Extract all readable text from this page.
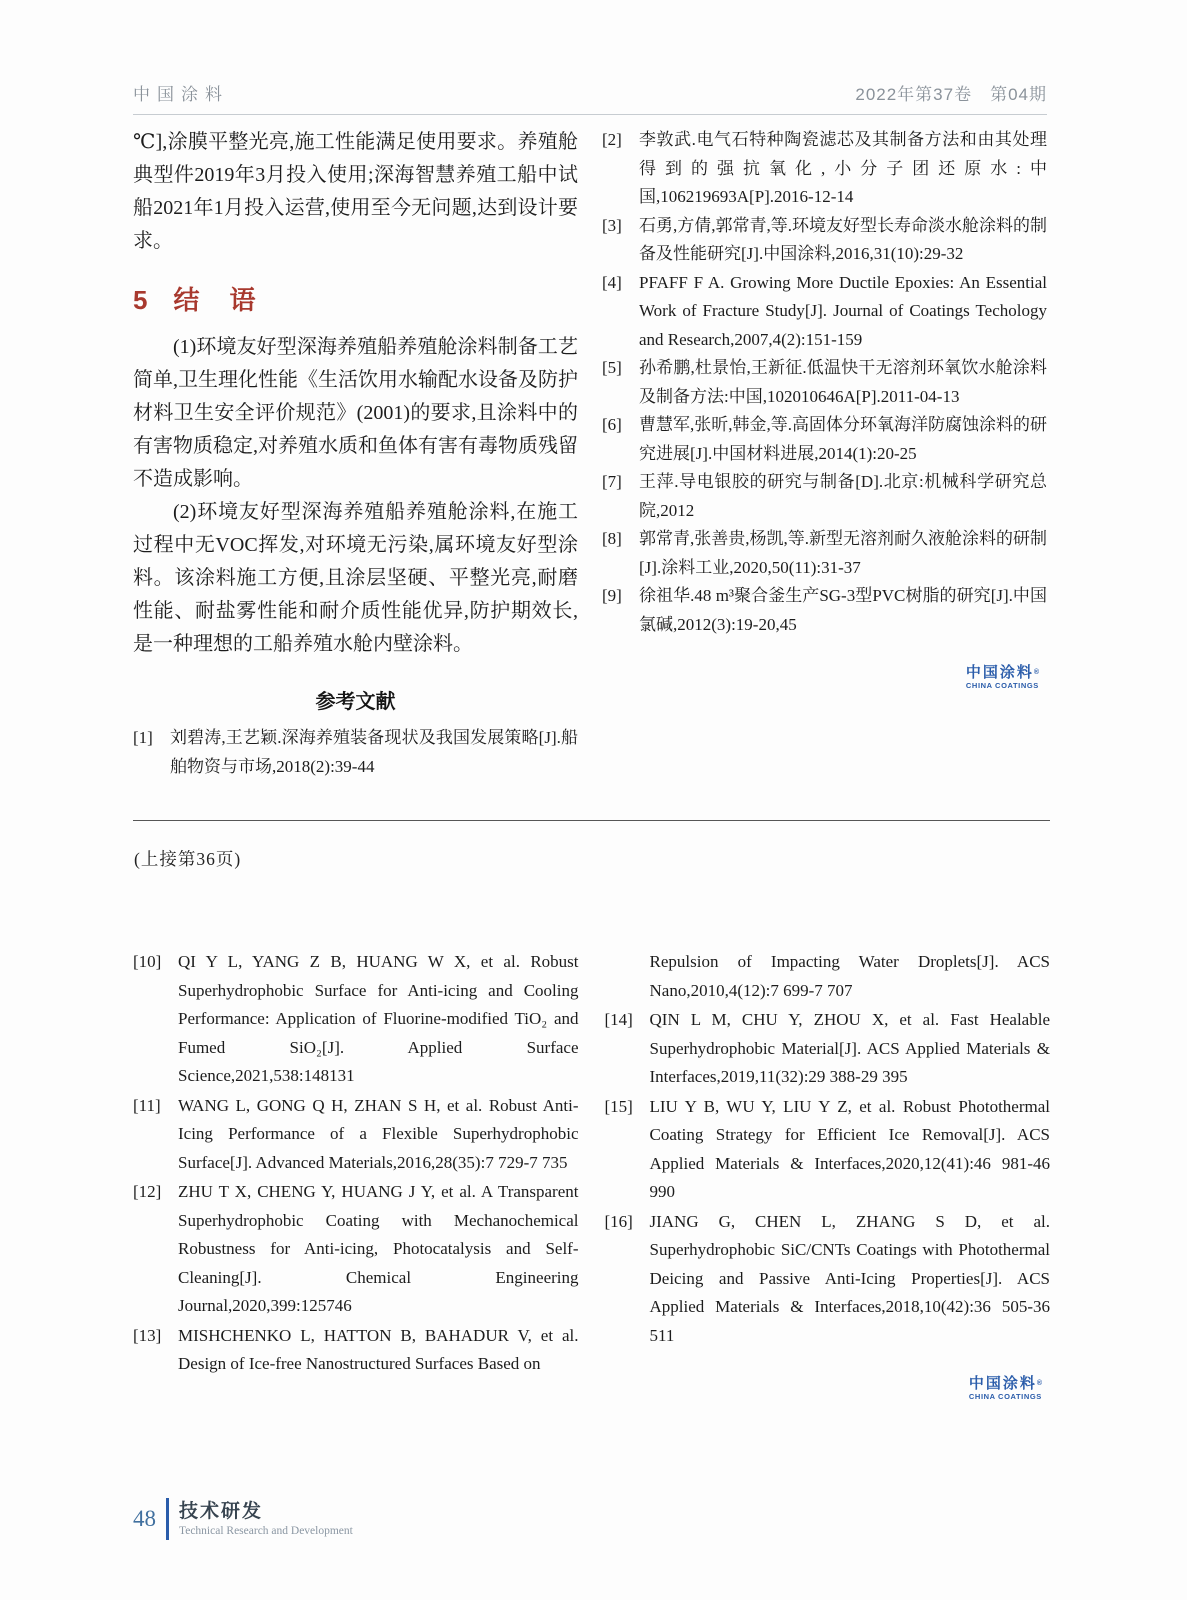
中国涂料	2022年第37卷　第04期

℃],涂膜平整光亮,施工性能满足使用要求。养殖舱典型件2019年3月投入使用;深海智慧养殖工船中试船2021年1月投入运营,使用至今无问题,达到设计要求。

5 结　语

(1)环境友好型深海养殖船养殖舱涂料制备工艺简单,卫生理化性能《生活饮用水输配水设备及防护材料卫生安全评价规范》(2001)的要求,且涂料中的有害物质稳定,对养殖水质和鱼体有害有毒物质残留不造成影响。

(2)环境友好型深海养殖船养殖舱涂料,在施工过程中无VOC挥发,对环境无污染,属环境友好型涂料。该涂料施工方便,且涂层坚硬、平整光亮,耐磨性能、耐盐雾性能和耐介质性能优异,防护期效长,是一种理想的工船养殖水舱内壁涂料。

参考文献
[1] 刘碧涛,王艺颖.深海养殖装备现状及我国发展策略[J].船舶物资与市场,2018(2):39-44
[2] 李敦武.电气石特种陶瓷滤芯及其制备方法和由其处理得到的强抗氧化,小分子团还原水:中国,106219693A[P].2016-12-14
[3] 石勇,方倩,郭常青,等.环境友好型长寿命淡水舱涂料的制备及性能研究[J].中国涂料,2016,31(10):29-32
[4] PFAFF F A. Growing More Ductile Epoxies: An Essential Work of Fracture Study[J]. Journal of Coatings Techology and Research,2007,4(2):151-159
[5] 孙希鹏,杜景怡,王新征.低温快干无溶剂环氧饮水舱涂料及制备方法:中国,102010646A[P].2011-04-13
[6] 曹慧军,张昕,韩金,等.高固体分环氧海洋防腐蚀涂料的研究进展[J].中国材料进展,2014(1):20-25
[7] 王萍.导电银胶的研究与制备[D].北京:机械科学研究总院,2012
[8] 郭常青,张善贵,杨凯,等.新型无溶剂耐久液舱涂料的研制[J].涂料工业,2020,50(11):31-37
[9] 徐祖华.48 m³聚合釜生产SG-3型PVC树脂的研究[J].中国氯碱,2012(3):19-20,45
中国涂料®
CHINA COATINGS
(上接第36页)
[10] QI Y L, YANG Z B, HUANG W X, et al. Robust Superhydrophobic Surface for Anti-icing and Cooling Performance: Application of Fluorine-modified TiO₂ and Fumed SiO₂[J]. Applied Surface Science,2021,538:148131
[11] WANG L, GONG Q H, ZHAN S H, et al. Robust Anti-Icing Performance of a Flexible Superhydrophobic Surface[J]. Advanced Materials,2016,28(35):7 729-7 735
[12] ZHU T X, CHENG Y, HUANG J Y, et al. A Transparent Superhydrophobic Coating with Mechanochemical Robustness for Anti-icing, Photocatalysis and Self-Cleaning[J]. Chemical Engineering Journal,2020,399:125746
[13] MISHCHENKO L, HATTON B, BAHADUR V, et al. Design of Ice-free Nanostructured Surfaces Based on
Repulsion of Impacting Water Droplets[J]. ACS Nano,2010,4(12):7 699-7 707
[14] QIN L M, CHU Y, ZHOU X, et al. Fast Healable Superhydrophobic Material[J]. ACS Applied Materials & Interfaces,2019,11(32):29 388-29 395
[15] LIU Y B, WU Y, LIU Y Z, et al. Robust Photothermal Coating Strategy for Efficient Ice Removal[J]. ACS Applied Materials & Interfaces,2020,12(41):46 981-46 990
[16] JIANG G, CHEN L, ZHANG S D, et al. Superhydrophobic SiC/CNTs Coatings with Photothermal Deicing and Passive Anti-Icing Properties[J]. ACS Applied Materials & Interfaces,2018,10(42):36 505-36 511
中国涂料®
CHINA COATINGS
48 技术研发
Technical Research and Development
